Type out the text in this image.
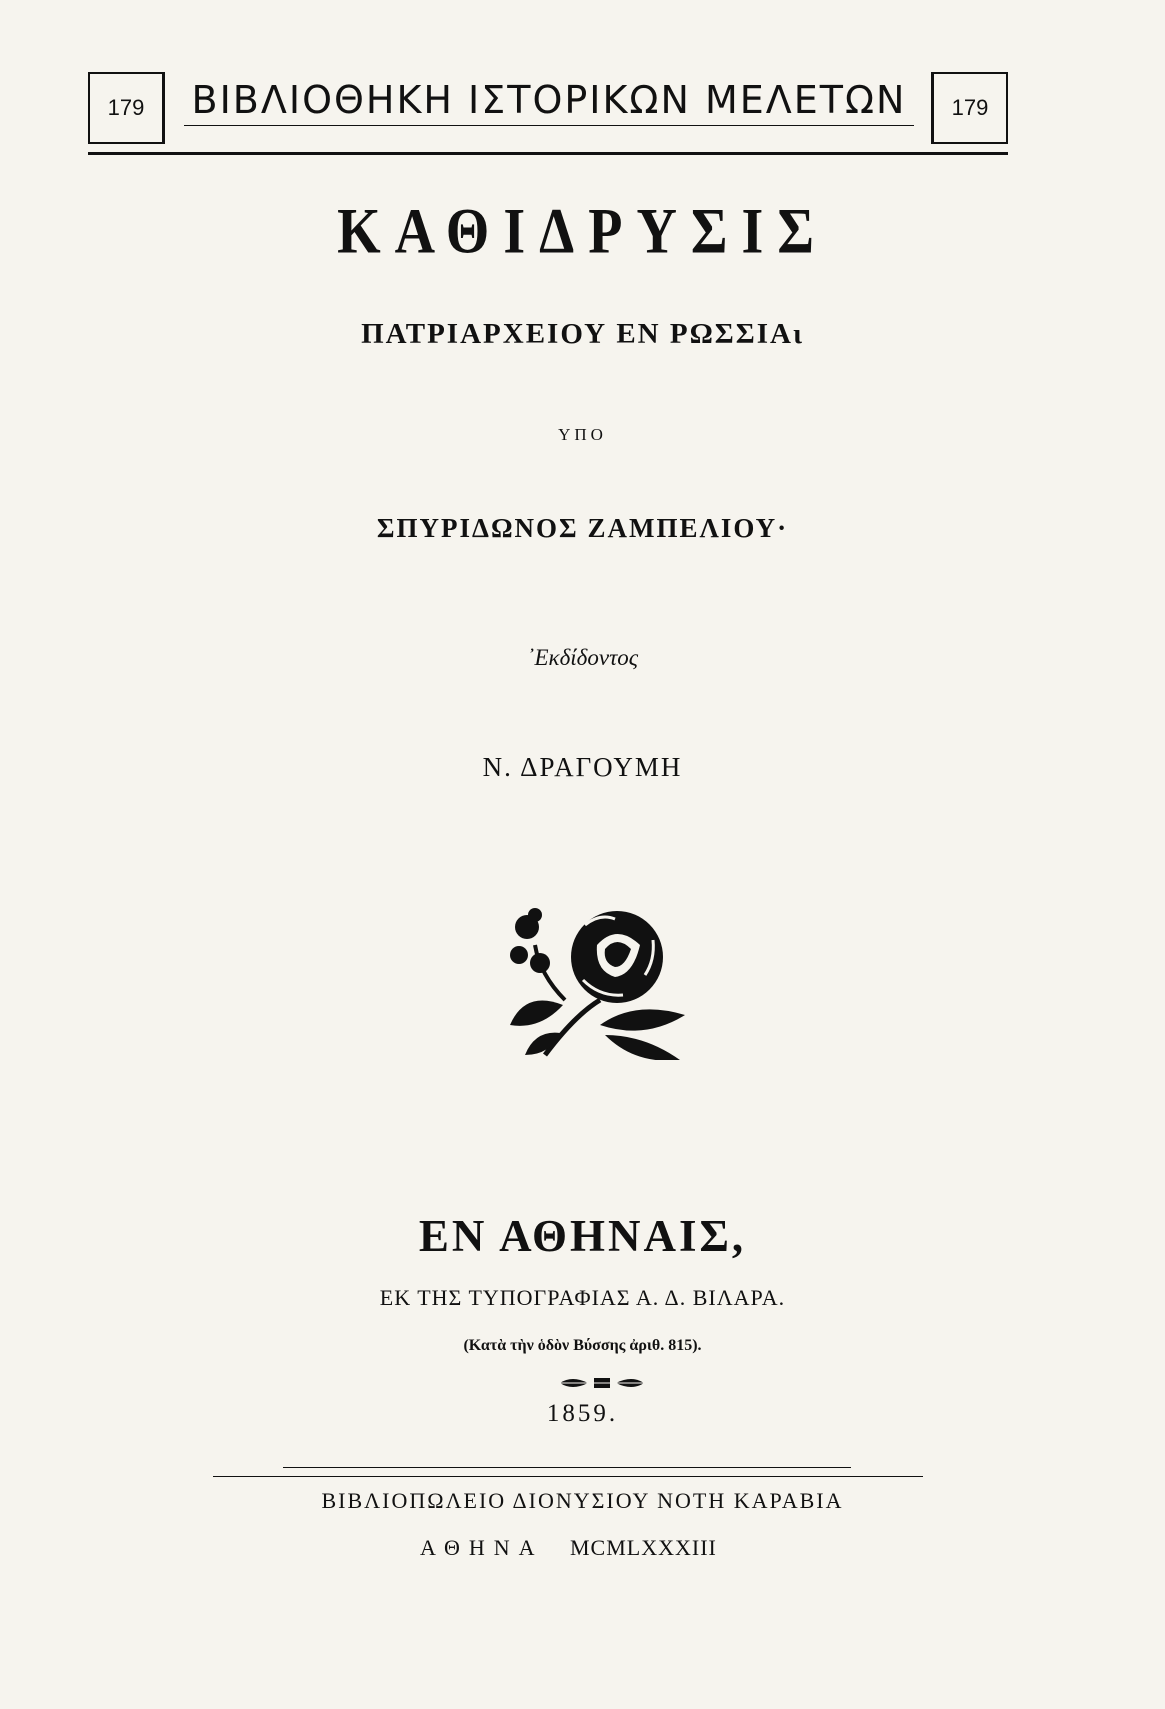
179	ΒΙΒΛΙΟΘΗΚΗ ΙΣΤΟΡΙΚΩΝ ΜΕΛΕΤΩΝ	179
ΚΑΘΙΔΡΥΣΙΣ
ΠΑΤΡΙΑΡΧΕΙΟΥ ΕΝ ΡΩΣΣΙΑι
ΥΠΟ
ΣΠΥΡΙΔΩΝΟΣ ΖΑΜΠΕΛΙΟΥ·
᾿Εκδίδοντος
Ν. ΔΡΑΓΟΥΜΗ
ΕΝ ΑΘΗΝΑΙΣ,
ΕΚ ΤΗΣ ΤΥΠΟΓΡΑΦΙΑΣ Α. Δ. ΒΙΛΑΡΑ.
(Κατὰ τὴν ὁδὸν Βύσσης ἀριθ. 815).
1859.
ΒΙΒΛΙΟΠΩΛΕΙΟ ΔΙΟΝΥΣΙΟΥ ΝΟΤΗ ΚΑΡΑΒΙΑ
ΑΘΗΝΑ MCMLXXXIII
